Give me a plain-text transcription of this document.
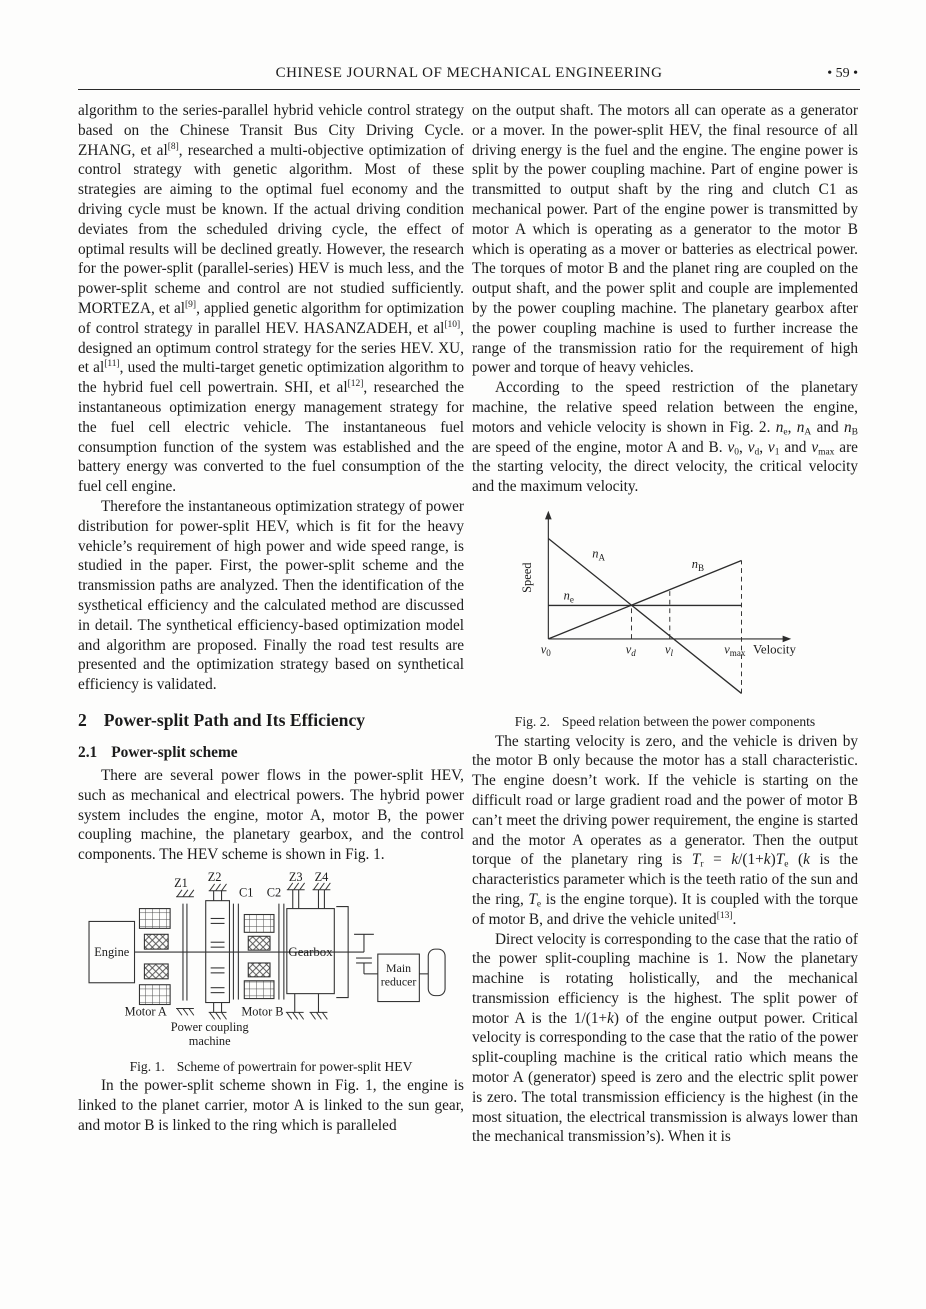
CHINESE JOURNAL OF MECHANICAL ENGINEERING	• 59 •

algorithm to the series-parallel hybrid vehicle control strategy based on the Chinese Transit Bus City Driving Cycle. ZHANG, et al[8], researched a multi-objective optimization of control strategy with genetic algorithm. Most of these strategies are aiming to the optimal fuel economy and the driving cycle must be known. If the actual driving condition deviates from the scheduled driving cycle, the effect of optimal results will be declined greatly. However, the research for the power-split (parallel-series) HEV is much less, and the power-split scheme and control are not studied sufficiently. MORTEZA, et al[9], applied genetic algorithm for optimization of control strategy in parallel HEV. HASANZADEH, et al[10], designed an optimum control strategy for the series HEV. XU, et al[11], used the multi-target genetic optimization algorithm to the hybrid fuel cell powertrain. SHI, et al[12], researched the instantaneous optimization energy management strategy for the fuel cell electric vehicle. The instantaneous fuel consumption function of the system was established and the battery energy was converted to the fuel consumption of the fuel cell engine.

Therefore the instantaneous optimization strategy of power distribution for power-split HEV, which is fit for the heavy vehicle’s requirement of high power and wide speed range, is studied in the paper. First, the power-split scheme and the transmission paths are analyzed. Then the identification of the systhetical efficiency and the calculated method are discussed in detail. The synthetical efficiency-based optimization model and algorithm are proposed. Finally the road test results are presented and the optimization strategy based on synthetical efficiency is validated.

2 Power-split Path and Its Efficiency
2.1 Power-split scheme

There are several power flows in the power-split HEV, such as mechanical and electrical powers. The hybrid power system includes the engine, motor A, motor B, the power coupling machine, the planetary gearbox, and the control components. The HEV scheme is shown in Fig. 1.

Engine
Z1 Z2
C1 C2
Z3 Z4
Motor A	Motor B
Gearbox
Main
reducer
Power coupling
machine

Fig. 1. Scheme of powertrain for power-split HEV

In the power-split scheme shown in Fig. 1, the engine is linked to the planet carrier, motor A is linked to the sun gear, and motor B is linked to the ring which is paralleled

on the output shaft. The motors all can operate as a generator or a mover. In the power-split HEV, the final resource of all driving energy is the fuel and the engine. The engine power is split by the power coupling machine. Part of engine power is transmitted to output shaft by the ring and clutch C1 as mechanical power. Part of the engine power is transmitted by motor A which is operating as a generator to the motor B which is operating as a mover or batteries as electrical power. The torques of motor B and the planet ring are coupled on the output shaft, and the power split and couple are implemented by the power coupling machine. The planetary gearbox after the power coupling machine is used to further increase the range of the transmission ratio for the requirement of high power and torque of heavy vehicles.

According to the speed restriction of the planetary machine, the relative speed relation between the engine, motors and vehicle velocity is shown in Fig. 2. $n_e$, $n_A$ and $n_B$ are speed of the engine, motor A and B. $v_0$, $v_d$, $v_1$ and $v_{max}$ are the starting velocity, the direct velocity, the critical velocity and the maximum velocity.

Speed
Velocity
$n_A$	$n_B$
$n_e$
$v_0$	$v_d$ $v_l$	$v_{max}$

Fig. 2. Speed relation between the power components

The starting velocity is zero, and the vehicle is driven by the motor B only because the motor has a stall characteristic. The engine doesn’t work. If the vehicle is starting on the difficult road or large gradient road and the power of motor B can’t meet the driving power requirement, the engine is started and the motor A operates as a generator. Then the output torque of the planetary ring is $T_r = k/(1+k)T_e$ (k is the characteristics parameter which is the teeth ratio of the sun and the ring, $T_e$ is the engine torque). It is coupled with the torque of motor B, and drive the vehicle united[13].

Direct velocity is corresponding to the case that the ratio of the power split-coupling machine is 1. Now the planetary machine is rotating holistically, and the mechanical transmission efficiency is the highest. The split power of motor A is the 1/(1+k) of the engine output power. Critical velocity is corresponding to the case that the ratio of the power split-coupling machine is the critical ratio which means the motor A (generator) speed is zero and the electric split power is zero. The total transmission efficiency is the highest (in the most situation, the electrical transmission is always lower than the mechanical transmission’s). When it is
